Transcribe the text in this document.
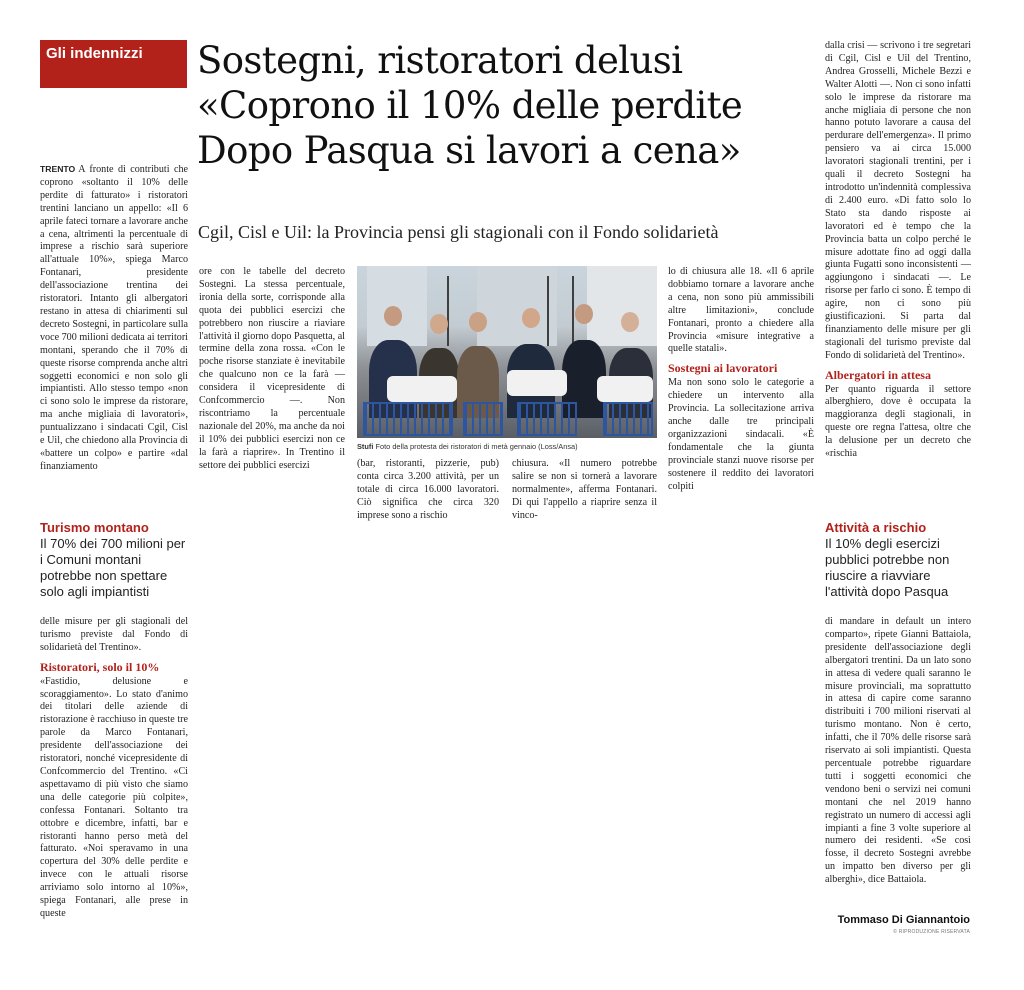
Gli indennizzi	Sostegni, ristoratori delusi
«Coprono il 10% delle perdite
Dopo Pasqua si lavori a cena»
Cgil, Cisl e Uil: la Provincia pensi gli stagionali con il Fondo solidarietà
TRENTO A fronte di contributi che coprono «soltanto il 10% delle perdite di fatturato» i ristoratori trentini lanciano un appello: «Il 6 aprile fateci tornare a lavorare anche a cena, altrimenti la percentuale di imprese a rischio sarà superiore all'attuale 10%», spiega Marco Fontanari, presidente dell'associazione trentina dei ristoratori. Intanto gli albergatori restano in attesa di chiarimenti sul decreto Sostegni, in particolare sulla voce 700 milioni dedicata ai territori montani, sperando che il 70% di queste risorse comprenda anche altri soggetti economici e non solo gli impiantisti. Allo stesso tempo «non ci sono solo le imprese da ristorare, ma anche migliaia di lavoratori», puntualizzano i sindacati Cgil, Cisl e Uil, che chiedono alla Provincia di «battere un colpo» e partire «dal finanziamento
ore con le tabelle del decreto Sostegni. La stessa percentuale, ironia della sorte, corrisponde alla quota dei pubblici esercizi che potrebbero non riuscire a riaviare l'attività il giorno dopo Pasquetta, al termine della zona rossa. «Con le poche risorse stanziate è inevitabile che qualcuno non ce la farà — considera il vicepresidente di Confcommercio —. Non riscontriamo la percentuale nazionale del 20%, ma anche da noi il 10% dei pubblici esercizi non ce la farà a riaprire». In Trentino il settore dei pubblici esercizi
Stufi Foto della protesta dei ristoratori di metà gennaio (Loss/Ansa)
(bar, ristoranti, pizzerie, pub) conta circa 3.200 attività, per un totale di circa 16.000 lavoratori. Ciò significa che circa 320 imprese sono a rischio
chiusura. «Il numero potrebbe salire se non si tornerà a lavorare normalmente», afferma Fontanari. Di qui l'appello a riaprire senza il vinco-
lo di chiusura alle 18. «Il 6 aprile dobbiamo tornare a lavorare anche a cena, non sono più ammissibili altre limitazioni», conclude Fontanari, pronto a chiedere alla Provincia «misure integrative a quelle statali».
Sostegni ai lavoratori
Ma non sono solo le categorie a chiedere un intervento alla Provincia. La sollecitazione arriva anche dalle tre principali organizzazioni sindacali. «È fondamentale che la giunta provinciale stanzi nuove risorse per sostenere il reddito dei lavoratori colpiti
dalla crisi — scrivono i tre segretari di Cgil, Cisl e Uil del Trentino, Andrea Grosselli, Michele Bezzi e Walter Alotti —. Non ci sono infatti solo le imprese da ristorare ma anche migliaia di persone che non hanno potuto lavorare a causa del perdurare dell'emergenza». Il primo pensiero va ai circa 15.000 lavoratori stagionali trentini, per i quali il decreto Sostegni ha introdotto un'indennità complessiva di 2.400 euro. «Di fatto solo lo Stato sta dando risposte ai lavoratori ed è tempo che la Provincia batta un colpo perché le misure adottate fino ad oggi dalla giunta Fugatti sono inconsistenti — aggiungono i sindacati —. Le risorse per farlo ci sono. È tempo di agire, non ci sono più giustificazioni. Si parta dal finanziamento delle misure per gli stagionali del turismo previste dal Fondo di solidarietà del Trentino».
Albergatori in attesa
Per quanto riguarda il settore alberghiero, dove è occupata la maggioranza degli stagionali, in queste ore regna l'attesa, oltre che la delusione per un decreto che «rischia
Turismo montano
Il 70% dei 700 milioni per i Comuni montani potrebbe non spettare solo agli impiantisti
Attività a rischio
Il 10% degli esercizi pubblici potrebbe non riuscire a riavviare l'attività dopo Pasqua
delle misure per gli stagionali del turismo previste dal Fondo di solidarietà del Trentino».
Ristoratori, solo il 10%
«Fastidio, delusione e scoraggiamento». Lo stato d'animo dei titolari delle aziende di ristorazione è racchiuso in queste tre parole da Marco Fontanari, presidente dell'associazione dei ristoratori, nonché vicepresidente di Confcommercio del Trentino. «Ci aspettavamo di più visto che siamo una delle categorie più colpite», confessa Fontanari. Soltanto tra ottobre e dicembre, infatti, bar e ristoranti hanno perso metà del fatturato. «Noi speravamo in una copertura del 30% delle perdite e invece con le attuali risorse arriviamo solo intorno al 10%», spiega Fontanari, alle prese in queste
di mandare in default un intero comparto», ripete Gianni Battaiola, presidente dell'associazione degli albergatori trentini. Da un lato sono in attesa di vedere quali saranno le misure provinciali, ma soprattutto in attesa di capire come saranno distribuiti i 700 milioni riservati al turismo montano. Non è certo, infatti, che il 70% delle risorse sarà riservato ai soli impiantisti. Questa percentuale potrebbe riguardare tutti i soggetti economici che vendono beni o servizi nei comuni montani che nel 2019 hanno registrato un numero di accessi agli impianti a fine 3 volte superiore al numero dei residenti. «Se così fosse, il decreto Sostegni avrebbe un impatto ben diverso per gli alberghi», dice Battaiola.
Tommaso Di Giannantoio
© RIPRODUZIONE RISERVATA
